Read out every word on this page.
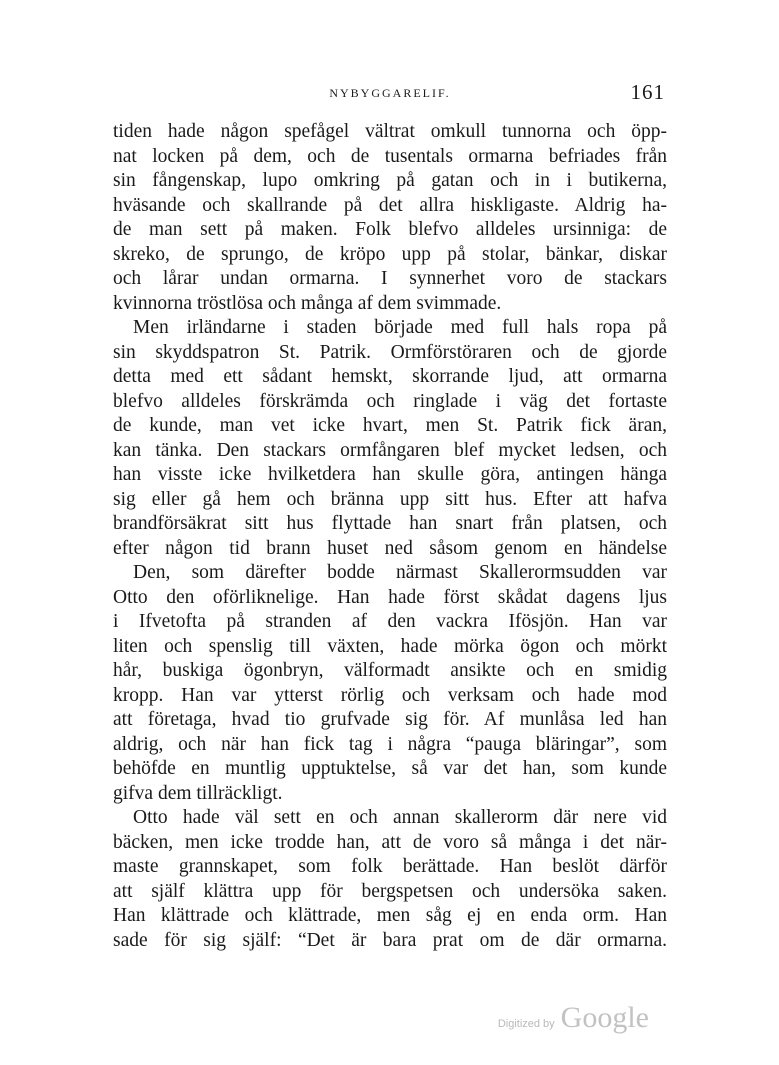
NYBYGGARELIF.	161
tiden hade någon spefågel vältrat omkull tunnorna och öpp-
nat locken på dem, och de tusentals ormarna befriades från
sin fångenskap, lupo omkring på gatan och in i butikerna,
hväsande och skallrande på det allra hiskligaste. Aldrig ha-
de man sett på maken. Folk blefvo alldeles ursinniga: de
skreko, de sprungo, de kröpo upp på stolar, bänkar, diskar
och lårar undan ormarna. I synnerhet voro de stackars
kvinnorna tröstlösa och många af dem svimmade.
Men irländarne i staden började med full hals ropa på
sin skyddspatron St. Patrik. Ormförstöraren och de gjorde
detta med ett sådant hemskt, skorrande ljud, att ormarna
blefvo alldeles förskrämda och ringlade i väg det fortaste
de kunde, man vet icke hvart, men St. Patrik fick äran,
kan tänka. Den stackars ormfångaren blef mycket ledsen, och
han visste icke hvilketdera han skulle göra, antingen hänga
sig eller gå hem och bränna upp sitt hus. Efter att hafva
brandförsäkrat sitt hus flyttade han snart från platsen, och
efter någon tid brann huset ned såsom genom en händelse
Den, som därefter bodde närmast Skallerormsudden var
Otto den oförliknelige. Han hade först skådat dagens ljus
i Ifvetofta på stranden af den vackra Ifösjön. Han var
liten och spenslig till växten, hade mörka ögon och mörkt
hår, buskiga ögonbryn, välformadt ansikte och en smidig
kropp. Han var ytterst rörlig och verksam och hade mod
att företaga, hvad tio grufvade sig för. Af munlåsa led han
aldrig, och när han fick tag i några “pauga bläringar”, som
behöfde en muntlig upptuktelse, så var det han, som kunde
gifva dem tillräckligt.
Otto hade väl sett en och annan skallerorm där nere vid
bäcken, men icke trodde han, att de voro så många i det när-
maste grannskapet, som folk berättade. Han beslöt därför
att själf klättra upp för bergspetsen och undersöka saken.
Han klättrade och klättrade, men såg ej en enda orm. Han
sade för sig själf: “Det är bara prat om de där ormarna.
Digitized by Google
